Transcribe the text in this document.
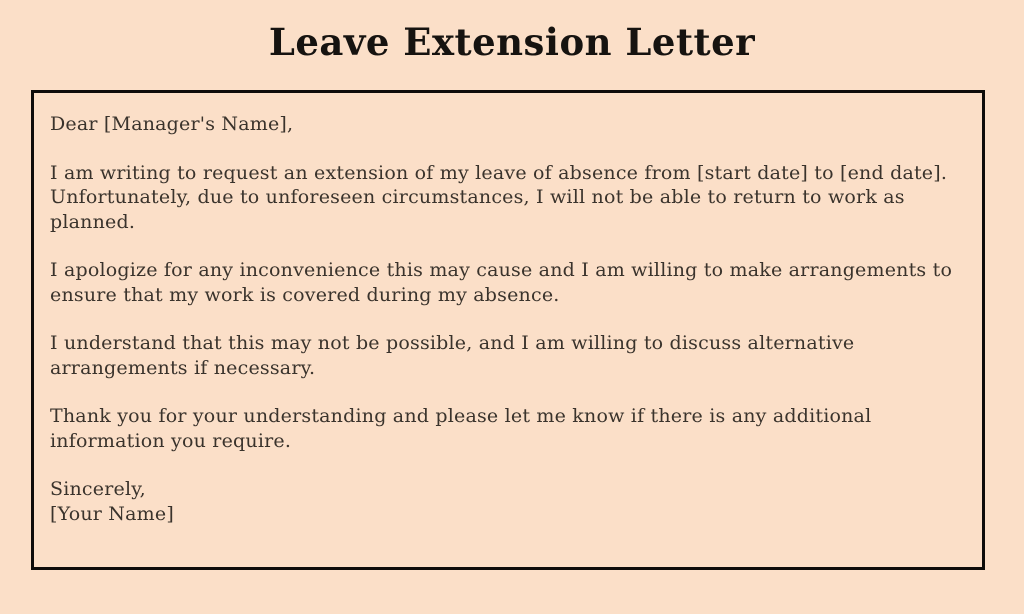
Leave Extension Letter

Dear [Manager's Name],

I am writing to request an extension of my leave of absence from [start date] to [end date]. Unfortunately, due to unforeseen circumstances, I will not be able to return to work as planned.

I apologize for any inconvenience this may cause and I am willing to make arrangements to ensure that my work is covered during my absence.

I understand that this may not be possible, and I am willing to discuss alternative arrangements if necessary.

Thank you for your understanding and please let me know if there is any additional information you require.

Sincerely,

[Your Name]
